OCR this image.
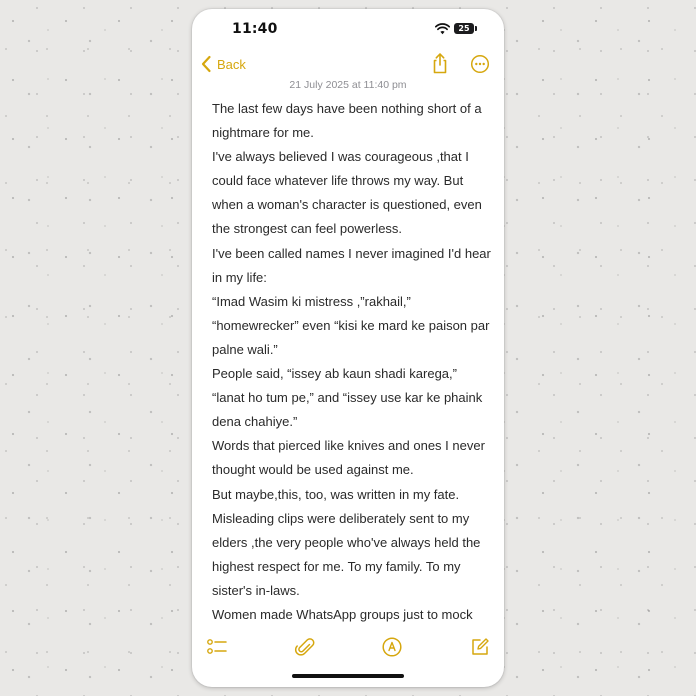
11:40	25
Back
21 July 2025 at 11:40 pm
The last few days have been nothing short of a
nightmare for me.
I've always believed I was courageous ,that I
could face whatever life throws my way. But
when a woman's character is questioned, even
the strongest can feel powerless.
I've been called names I never imagined I'd hear
in my life:
“Imad Wasim ki mistress ,”rakhail,”
“homewrecker” even “kisi ke mard ke paison par
palne wali.”
People said, “issey ab kaun shadi karega,”
“lanat ho tum pe,” and “issey use kar ke phaink
dena chahiye.”
Words that pierced like knives and ones I never
thought would be used against me.
But maybe,this, too, was written in my fate.
Misleading clips were deliberately sent to my
elders ,the very people who've always held the
highest respect for me. To my family. To my
sister's in-laws.
Women made WhatsApp groups just to mock
